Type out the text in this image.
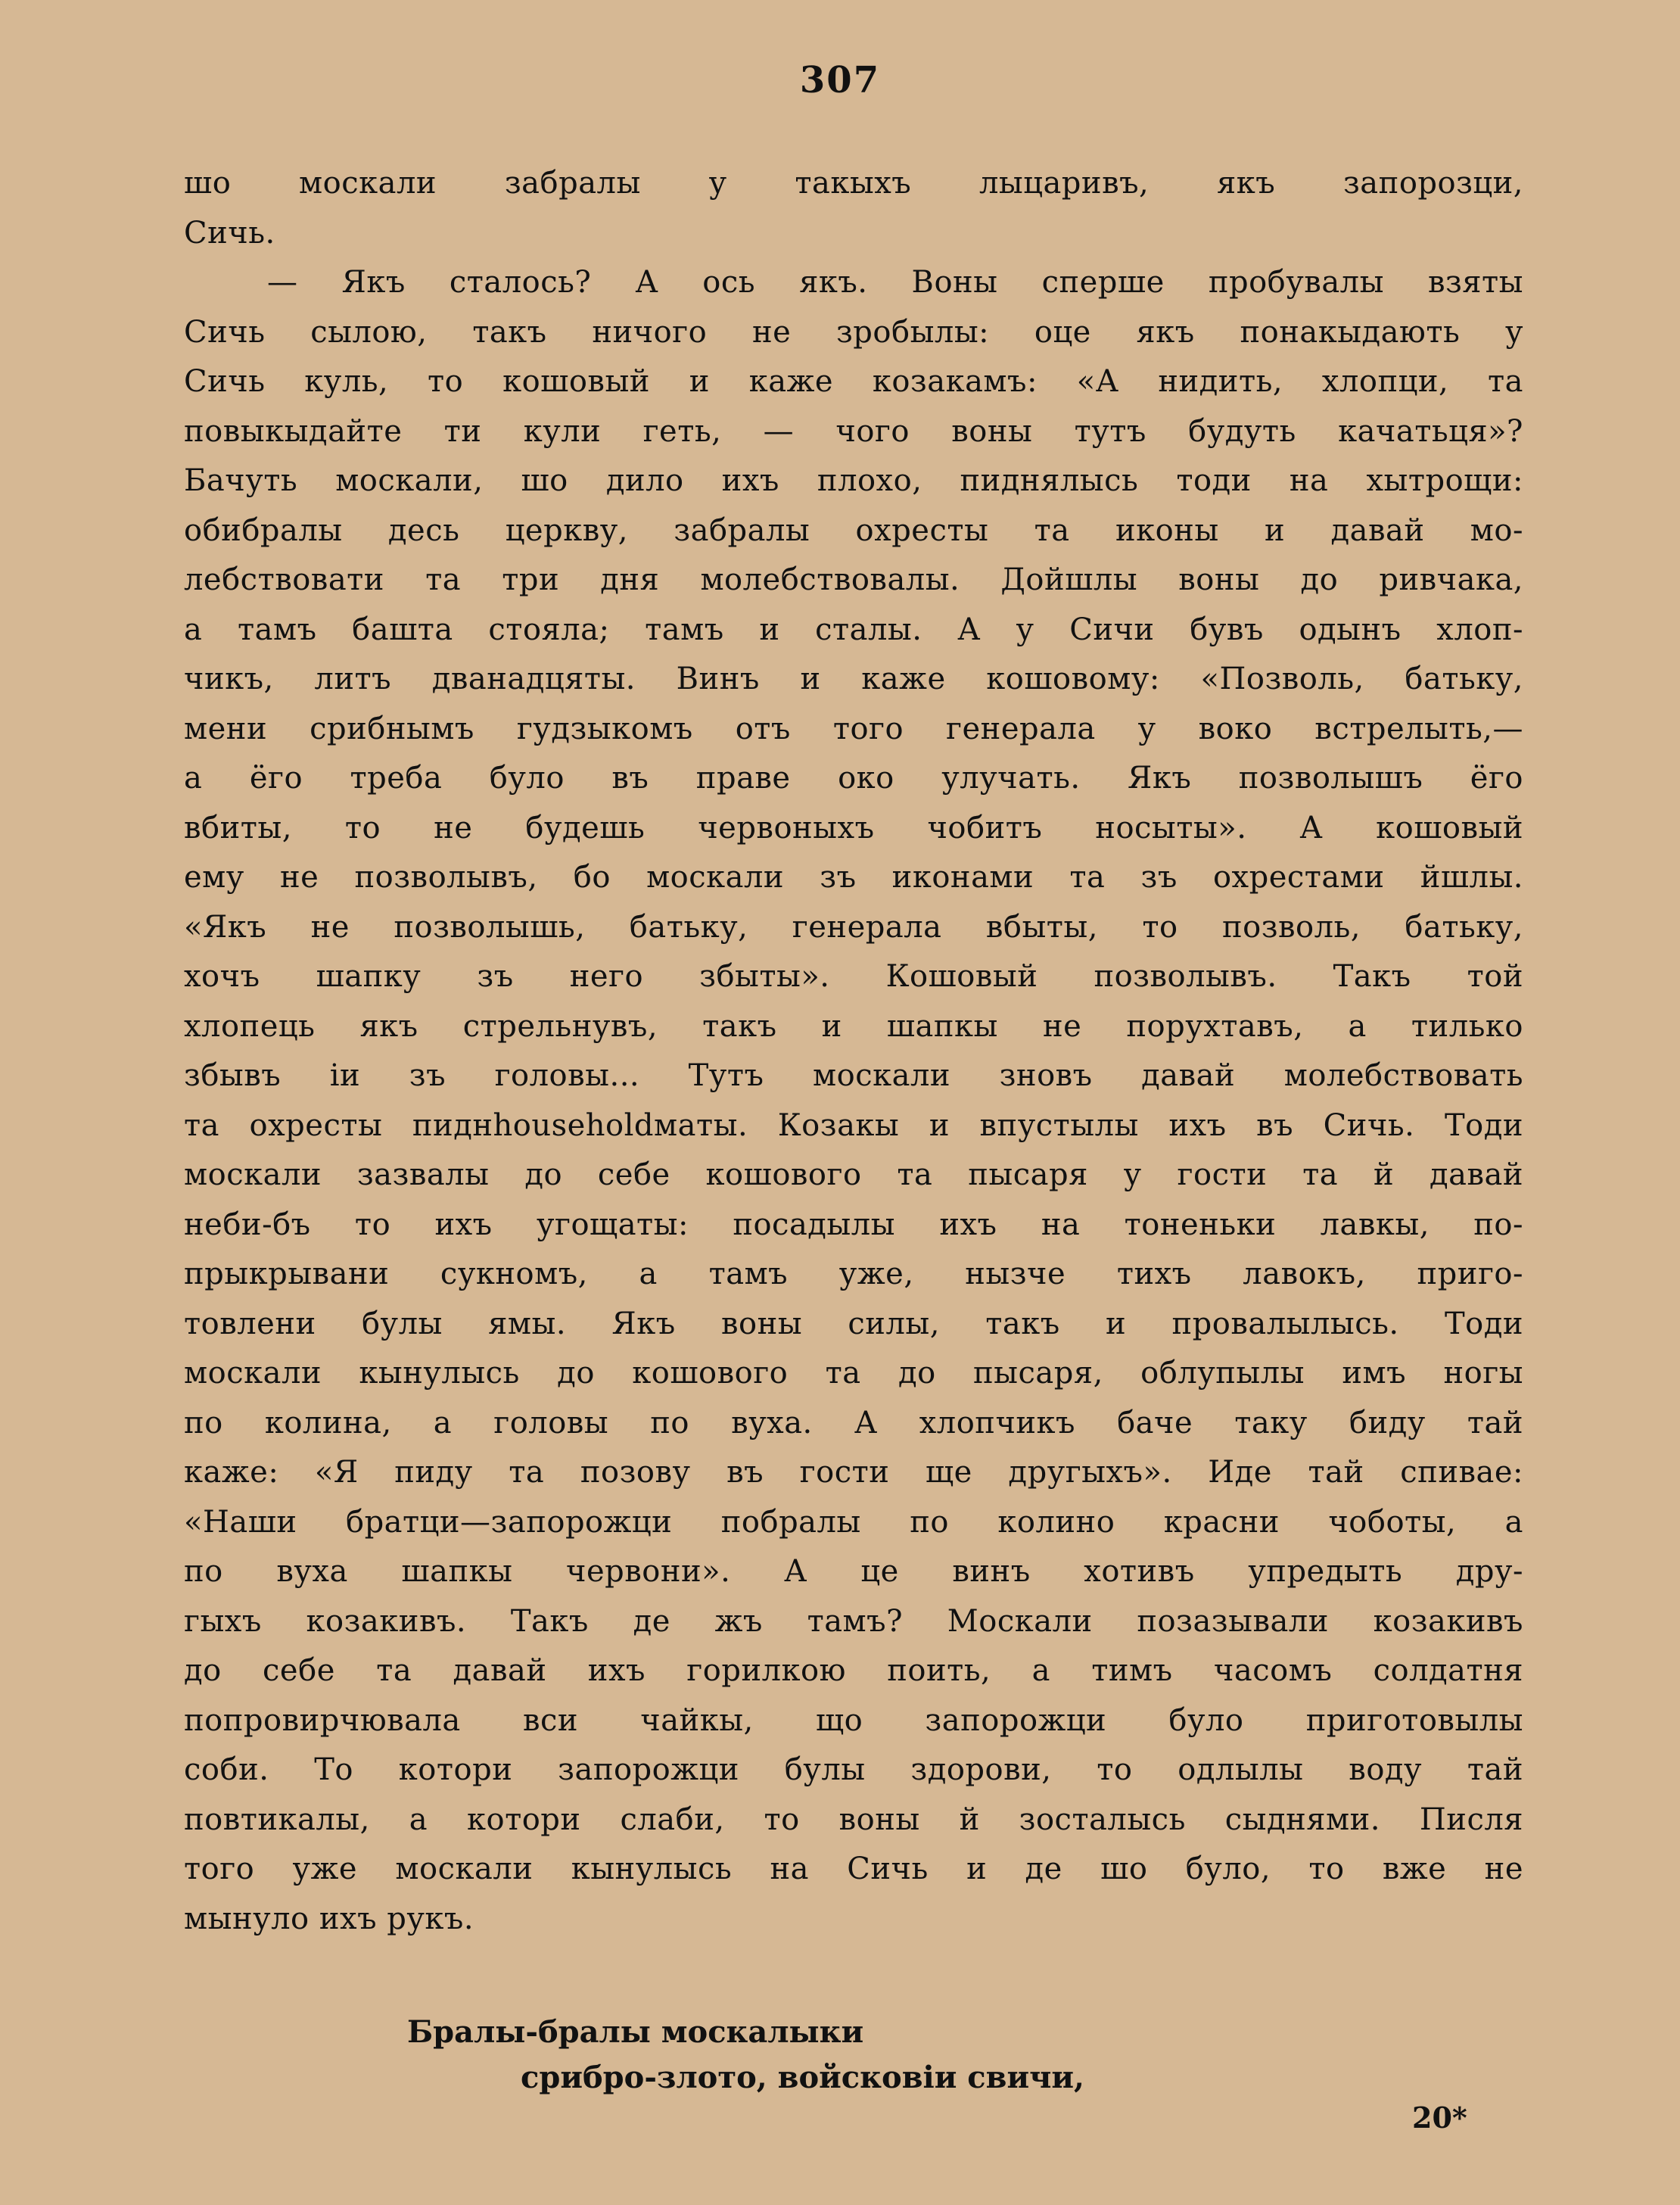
307
шо москали забралы у такыхъ лыцаривъ, якъ запорозци,
Сичь.
— Якъ сталось? А ось якъ. Воны сперше пробувалы взяты
Сичь сылою, такъ ничого не зробылы: оце якъ понакыдають у
Сичь куль, то кошовый и каже козакамъ: «А нидить, хлопци, та
повыкыдайте ти кули геть, — чого воны тутъ будуть качатьця»?
Бачуть москали, шо дило ихъ плохо, пиднялысь тоди на хытрощи:
обибралы десь церкву, забралы охресты та иконы и давай мо-
лебствовати та три дня молебствовалы. Дойшлы воны до ривчака,
а тамъ башта стояла; тамъ и сталы. А у Сичи бувъ одынъ хлоп-
чикъ, литъ дванадцяты. Винъ и каже кошовому: «Позволь, батьку,
мени срибнымъ гудзыкомъ отъ того генерала у воко встрелыть,—
а ёго треба було въ праве око улучать. Якъ позволышъ ёго
вбиты, то не будешь червоныхъ чобитъ носыты». А кошовый
ему не позволывъ, бо москали зъ иконами та зъ охрестами йшлы.
«Якъ не позволышь, батьку, генерала вбыты, то позволь, батьку,
хочъ шапку зъ него збыты». Кошовый позволывъ. Такъ той
хлопець якъ стрельнувъ, такъ и шапкы не порухтавъ, а тилько
збывъ іи зъ головы... Тутъ москали зновъ давай молебствовать
та охресты пиднhouseholdматы. Козакы и впустылы ихъ въ Сичь. Тоди
москали зазвалы до себе кошового та пысаря у гости та й давай
неби-бъ то ихъ угощаты: посадылы ихъ на тоненьки лавкы, по-
прыкрывани сукномъ, а тамъ уже, нызче тихъ лавокъ, приго-
товлени булы ямы. Якъ воны силы, такъ и провалылысь. Тоди
москали кынулысь до кошового та до пысаря, облупылы имъ ногы
по колина, а головы по вуха. А хлопчикъ баче таку биду тай
каже: «Я пиду та позову въ гости ще другыхъ». Иде тай спивае:
«Наши братци—запорожци побралы по колино красни чоботы, а
по вуха шапкы червони». А це винъ хотивъ упредыть дру-
гыхъ козакивъ. Такъ де жъ тамъ? Москали позазывали козакивъ
до себе та давай ихъ горилкою поить, а тимъ часомъ солдатня
попровирчювала вси чайкы, що запорожци було приготовылы
соби. То котори запорожци булы здорови, то одлылы воду тай
повтикалы, а котори слаби, то воны й зосталысь сыднями. Писля
того уже москали кынулысь на Сичь и де шо було, то вже не
мынуло ихъ рукъ.
Бралы-бралы москалыки
срибро-злото, войсковіи свичи,
20*
